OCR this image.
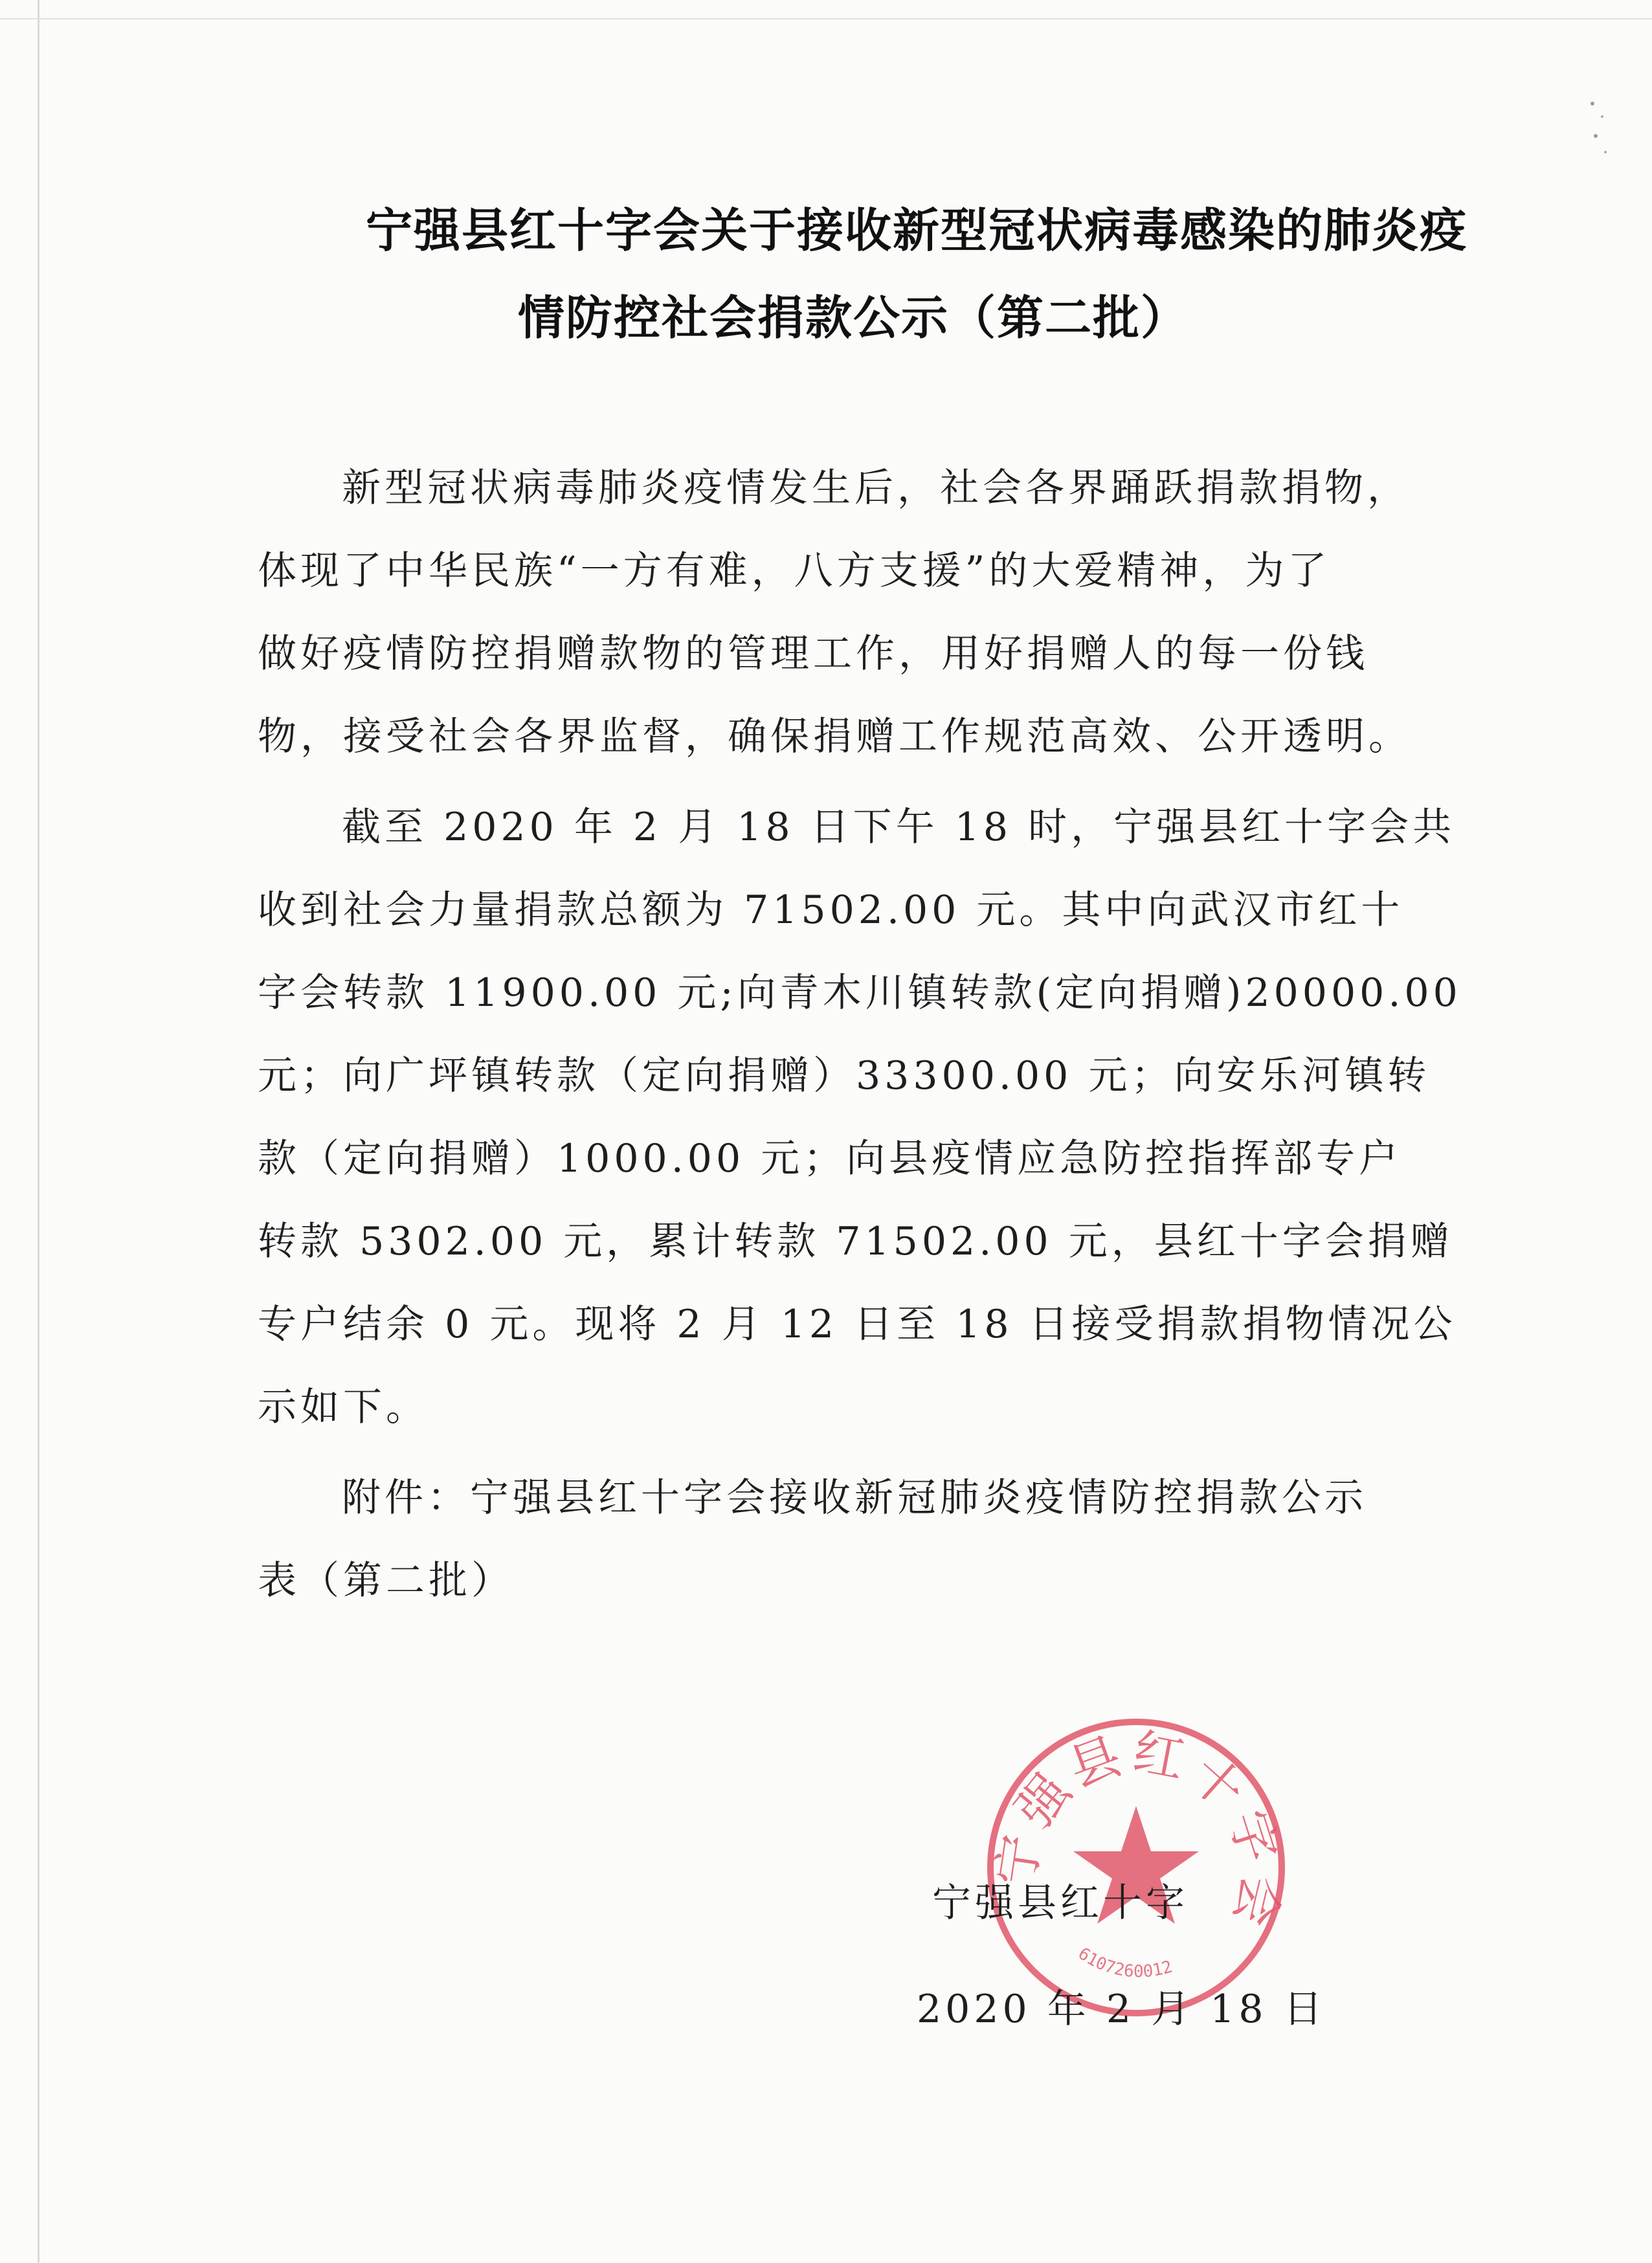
宁强县红十字会关于接收新型冠状病毒感染的肺炎疫
情防控社会捐款公示（第二批）
新型冠状病毒肺炎疫情发生后，社会各界踊跃捐款捐物，
体现了中华民族“一方有难，八方支援”的大爱精神，为了
做好疫情防控捐赠款物的管理工作，用好捐赠人的每一份钱
物，接受社会各界监督，确保捐赠工作规范高效、公开透明。
截至 2020 年 2 月 18 日下午 18 时，宁强县红十字会共
收到社会力量捐款总额为 71502.00 元。其中向武汉市红十
字会转款 11900.00 元;向青木川镇转款(定向捐赠)20000.00
元；向广坪镇转款（定向捐赠）33300.00 元；向安乐河镇转
款（定向捐赠）1000.00 元；向县疫情应急防控指挥部专户
转款 5302.00 元，累计转款 71502.00 元，县红十字会捐赠
专户结余 0 元。现将 2 月 12 日至 18 日接受捐款捐物情况公
示如下。
附件：宁强县红十字会接收新冠肺炎疫情防控捐款公示
表（第二批）
宁强县红十字会
6107260012
宁强县红十字
2020 年 2 月 18 日
